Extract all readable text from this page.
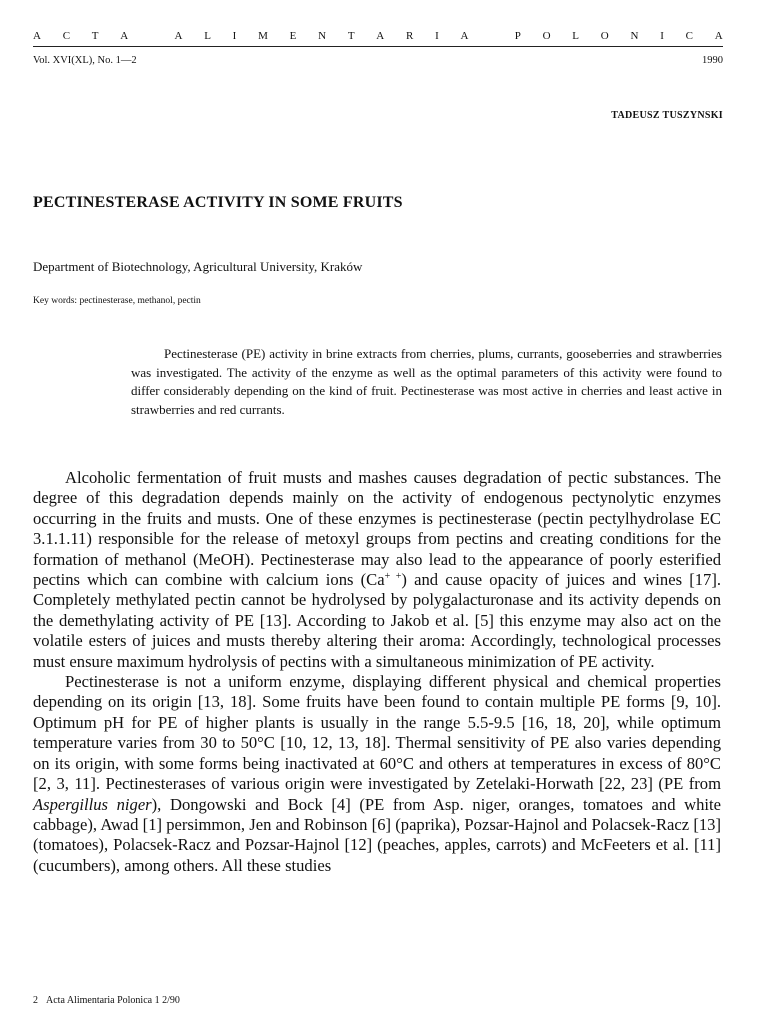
A C T A
	A L I M E N T A R I A
	P O L O N I C A
Vol. XVI(XL), No. 1—2	1990
TADEUSZ TUSZYNSKI
PECTINESTERASE ACTIVITY IN SOME FRUITS
Department of Biotechnology, Agricultural University, Kraków
Key words: pectinesterase, methanol, pectin

Pectinesterase (PE) activity in brine extracts from cherries, plums, currants, gooseberries and strawberries was investigated. The activity of the enzyme as well as the optimal parameters of this activity were found to differ considerably depending on the kind of fruit. Pectinesterase was most active in cherries and least active in strawberries and red currants.

Alcoholic fermentation of fruit musts and mashes causes degradation of pectic substances. The degree of this degradation depends mainly on the activity of endogenous pectynolytic enzymes occurring in the fruits and musts. One of these enzymes is pectinesterase (pectin pectylhydrolase EC 3.1.1.11) responsible for the release of metoxyl groups from pectins and creating conditions for the formation of methanol (MeOH). Pectinesterase may also lead to the appearance of poorly esterified pectins which can combine with calcium ions (Ca+ +) and cause opacity of juices and wines [17]. Completely methylated pectin cannot be hydrolysed by polygalacturonase and its activity depends on the demethylating activity of PE [13]. According to Jakob et al. [5] this enzyme may also act on the volatile esters of juices and musts thereby altering their aroma: Accordingly, technological processes must ensure maximum hydrolysis of pectins with a simultaneous minimization of PE activity.

Pectinesterase is not a uniform enzyme, displaying different physical and chemical properties depending on its origin [13, 18]. Some fruits have been found to contain multiple PE forms [9, 10]. Optimum pH for PE of higher plants is usually in the range 5.5-9.5 [16, 18, 20], while optimum temperature varies from 30 to 50°C [10, 12, 13, 18]. Thermal sensitivity of PE also varies depending on its origin, with some forms being inactivated at 60°C and others at temperatures in excess of 80°C [2, 3, 11]. Pectinesterases of various origin were investigated by Zetelaki-Horwath [22, 23] (PE from Aspergillus niger), Dongowski and Bock [4] (PE from Asp. niger, oranges, tomatoes and white cabbage), Awad [1] persimmon, Jen and Robinson [6] (paprika), Pozsar-Hajnol and Polacsek-Racz [13] (tomatoes), Polacsek-Racz and Pozsar-Hajnol [12] (peaches, apples, carrots) and McFeeters et al. [11] (cucumbers), among others. All these studies

2 Acta Alimentaria Polonica 1 2/90
